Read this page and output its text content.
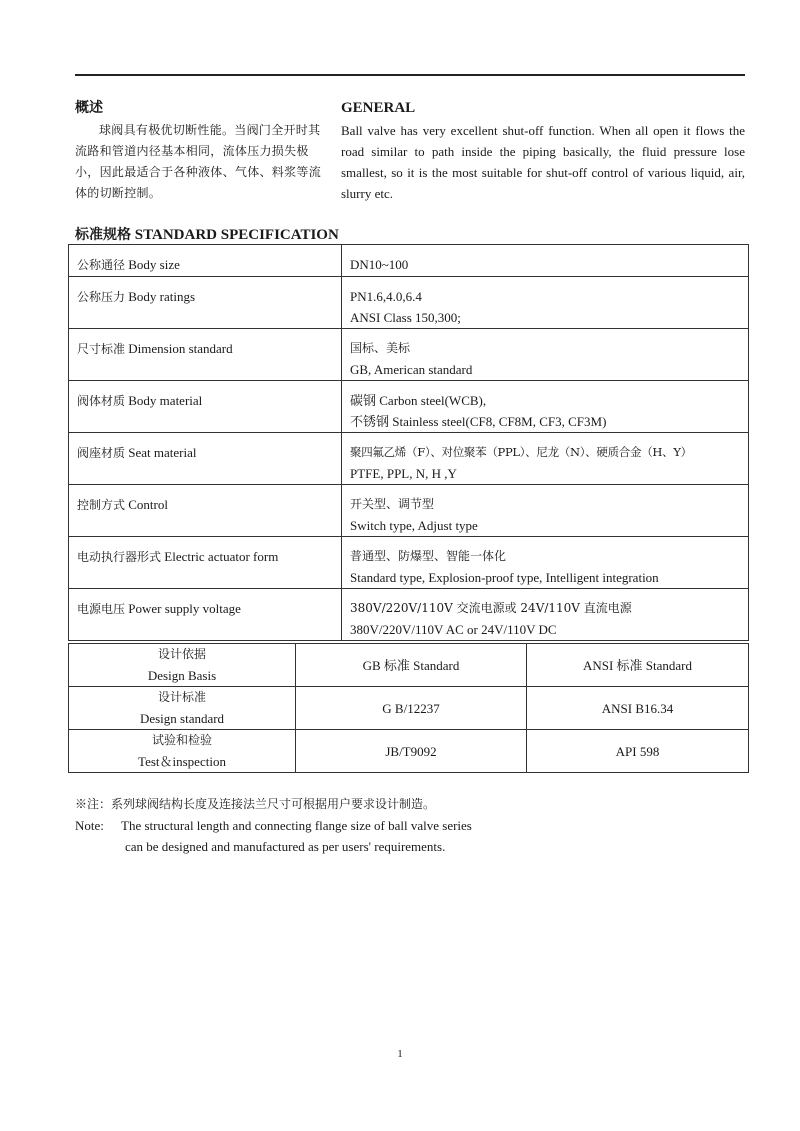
概述
球阀具有极优切断性能。当阀门全开时其流路和管道内径基本相同，流体压力损失极小，因此最适合于各种液体、气体、料浆等流体的切断控制。
GENERAL
Ball valve has very excellent shut-off function. When all open it flows the road similar to path inside the piping basically, the fluid pressure lose smallest, so it is the most suitable for shut-off control of various liquid, air, slurry etc.
标准规格 STANDARD SPECIFICATION
公称通径 Body size	DN10~100

公称压力 Body ratings	PN1.6,4.0,6.4
ANSI Class 150,300;

尺寸标准 Dimension standard	国标、美标
GB, American standard

阀体材质 Body material	碳钢 Carbon steel(WCB),
不锈钢 Stainless steel(CF8, CF8M, CF3, CF3M)

阀座材质 Seat material	聚四氟乙烯（F）、对位聚苯（PPL）、尼龙（N）、硬质合金（H、Y）
PTFE, PPL, N, H ,Y

控制方式 Control	开关型、调节型
Switch type, Adjust type

电动执行器形式 Electric actuator form	普通型、防爆型、智能一体化
Standard type, Explosion-proof type, Intelligent integration

电源电压 Power supply voltage	380V/220V/110V 交流电源或 24V/110V 直流电源
380V/220V/110V AC or 24V/110V DC
设计依据
Design Basis	GB 标准 Standard	ANSI 标准 Standard

设计标准
Design standard	G B/12237	ANSI B16.34

试验和检验
Test＆inspection	JB/T9092	API 598
※注：系列球阀结构长度及连接法兰尺寸可根据用户要求设计制造。
Note:	The structural length and connecting flange size of ball valve series
can be designed and manufactured as per users' requirements.
1
